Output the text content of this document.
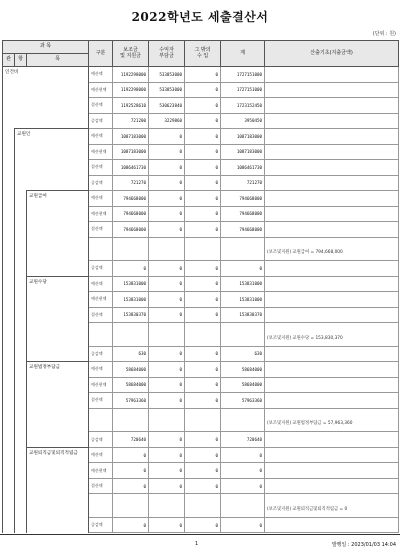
2022학년도 세출결산서
(단위 : 원)
과 목			구분	보조금
및 지원금	수익자
부담금	그 밖의
수 입	계	산출기초(지출금액)
관	항	목						
인건비			예산액	1192298000	533853000	0	1727151000	
			예산현액	1192298000	533853000	0	1727151000	
			결산액	1192528610	530623840	0	1723152450	
			증감액	721200	3229860	0	3950450	
	교원인		예산액	1087183000	0	0	1087183000	
			예산현액	1087183000	0	0	1087183000	
			결산액	1086461730	0	0	1086461730	
			증감액	721270	0	0	721270	
		교원급여	예산액	794668000	0	0	794668000	
			예산현액	794668000	0	0	794668000	
			결산액	794668000	0	0	794668000	
								(보조및지원) 교원급여 = 794,668,000
			증감액	0	0	0	0	
		교원수당	예산액	153831000	0	0	153831000	
			예산현액	153831000	0	0	153831000	
			결산액	153830370	0	0	153830370	
								(보조및지원) 교원수당 = 153,830,370
			증감액	630	0	0	630	
		교원법정부담금	예산액	58684000	0	0	58684000	
			예산현액	58684000	0	0	58684000	
			결산액	57963360	0	0	57963360	
								(보조및지원) 교원법정부담금 = 57,963,360
			증감액	720640	0	0	720640	
		교원퇴직금및퇴직적립금	예산액	0	0	0	0	
			예산현액	0	0	0	0	
			결산액	0	0	0	0	
								(보조및지원) 교원퇴직금및퇴직적립금 = 0
			증감액	0	0	0	0	
1	발행일 : 2023/01/03 14:04
